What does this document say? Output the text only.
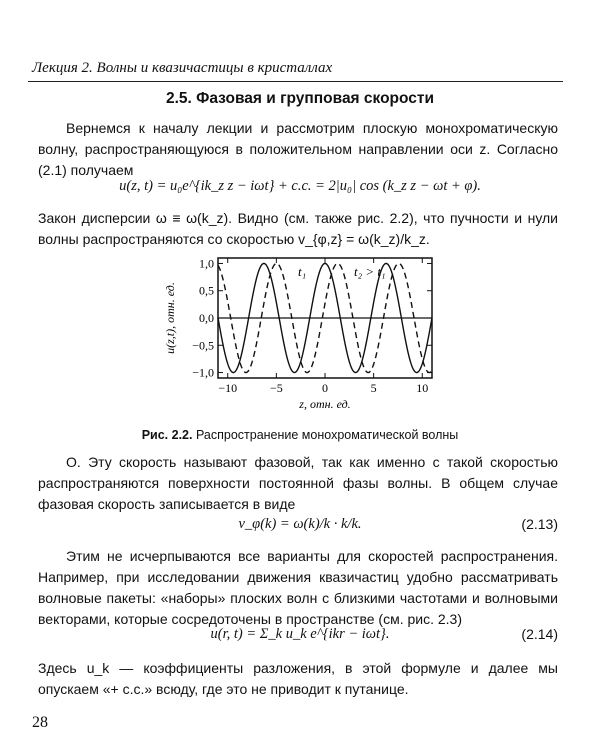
Лекция 2. Волны и квазичастицы в кристаллах
2.5. Фазовая и групповая скорости
Вернемся к началу лекции и рассмотрим плоскую монохроматическую волну, распространяющуюся в положительном направлении оси z. Согласно (2.1) получаем
u(z, t) = u₀e^{ik_z z − iωt} + c.c. = 2|u₀| cos (k_z z − ωt + φ).
Закон дисперсии ω ≡ ω(k_z). Видно (см. также рис. 2.2), что пучности и нули волны распространяются со скоростью v_{φ,z} = ω(k_z)/k_z.
−10	−5	0	5	10
−1,0
−0,5
0,0
0,5
1,0
t₁	t₂ > t₁
z, отн. ед.
u(z,t), отн. ед.
Рис. 2.2. Распространение монохроматической волны
О. Эту скорость называют фазовой, так как именно с такой скоростью распространяются поверхности постоянной фазы волны. В общем случае фазовая скорость записывается в виде
v_φ(k) = ω(k)/k · k/k.	(2.13)
Этим не исчерпываются все варианты для скоростей распространения. Например, при исследовании движения квазичастиц удобно рассматривать волновые пакеты: «наборы» плоских волн с близкими частотами и волновыми векторами, которые сосредоточены в пространстве (см. рис. 2.3)
u(r, t) = Σ_k u_k e^{ikr − iωt}.	(2.14)
Здесь u_k — коэффициенты разложения, в этой формуле и далее мы опускаем «+ c.c.» всюду, где это не приводит к путанице.
28
